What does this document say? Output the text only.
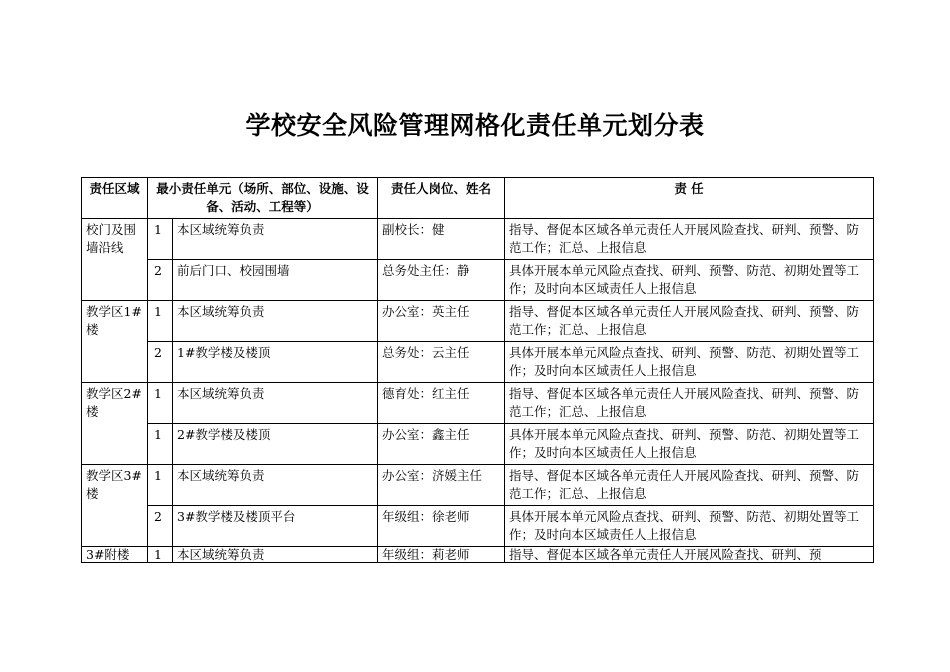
学校安全风险管理网格化责任单元划分表
责任区域	最小责任单元（场所、部位、设施、设备、活动、工程等）		责任人岗位、姓名	责 任
校门及围墙沿线	1	本区域统筹负责	副校长：健	指导、督促本区域各单元责任人开展风险查找、研判、预警、防范工作；汇总、上报信息
	2	前后门口、校园围墙	总务处主任：静	具体开展本单元风险点查找、研判、预警、防范、初期处置等工作；及时向本区域责任人上报信息
教学区1#楼	1	本区域统筹负责	办公室：英主任	指导、督促本区域各单元责任人开展风险查找、研判、预警、防范工作；汇总、上报信息
	2	1#教学楼及楼顶	总务处：云主任	具体开展本单元风险点查找、研判、预警、防范、初期处置等工作；及时向本区域责任人上报信息
教学区2#楼	1	本区域统筹负责	德育处：红主任	指导、督促本区域各单元责任人开展风险查找、研判、预警、防范工作；汇总、上报信息
	1	2#教学楼及楼顶	办公室：鑫主任	具体开展本单元风险点查找、研判、预警、防范、初期处置等工作；及时向本区域责任人上报信息
教学区3#楼	1	本区域统筹负责	办公室：济媛主任	指导、督促本区域各单元责任人开展风险查找、研判、预警、防范工作；汇总、上报信息
	2	3#教学楼及楼顶平台	年级组：徐老师	具体开展本单元风险点查找、研判、预警、防范、初期处置等工作；及时向本区域责任人上报信息
3#附楼	1	本区域统筹负责	年级组：莉老师	指导、督促本区域各单元责任人开展风险查找、研判、预
